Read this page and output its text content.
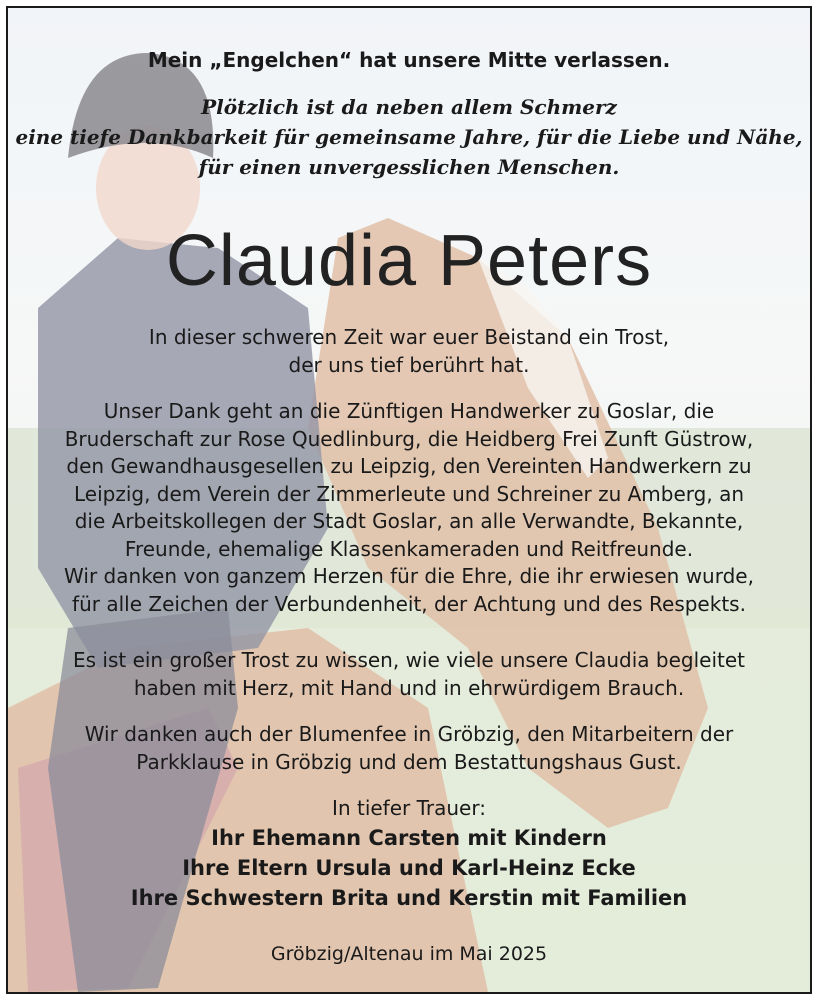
Mein „Engelchen“ hat unsere Mitte verlassen.
Plötzlich ist da neben allem Schmerz
eine tiefe Dankbarkeit für gemeinsame Jahre, für die Liebe und Nähe,
für einen unvergesslichen Menschen.
Claudia Peters
In dieser schweren Zeit war euer Beistand ein Trost,
der uns tief berührt hat.
Unser Dank geht an die Zünftigen Handwerker zu Goslar, die
Bruderschaft zur Rose Quedlinburg, die Heidberg Frei Zunft Güstrow,
den Gewandhausgesellen zu Leipzig, den Vereinten Handwerkern zu
Leipzig, dem Verein der Zimmerleute und Schreiner zu Amberg, an
die Arbeitskollegen der Stadt Goslar, an alle Verwandte, Bekannte,
Freunde, ehemalige Klassenkameraden und Reitfreunde.
Wir danken von ganzem Herzen für die Ehre, die ihr erwiesen wurde,
für alle Zeichen der Verbundenheit, der Achtung und des Respekts.
Es ist ein großer Trost zu wissen, wie viele unsere Claudia begleitet
haben mit Herz, mit Hand und in ehrwürdigem Brauch.
Wir danken auch der Blumenfee in Gröbzig, den Mitarbeitern der
Parkklause in Gröbzig und dem Bestattungshaus Gust.
In tiefer Trauer:
Ihr Ehemann Carsten mit Kindern
Ihre Eltern Ursula und Karl-Heinz Ecke
Ihre Schwestern Brita und Kerstin mit Familien
Gröbzig/Altenau im Mai 2025
